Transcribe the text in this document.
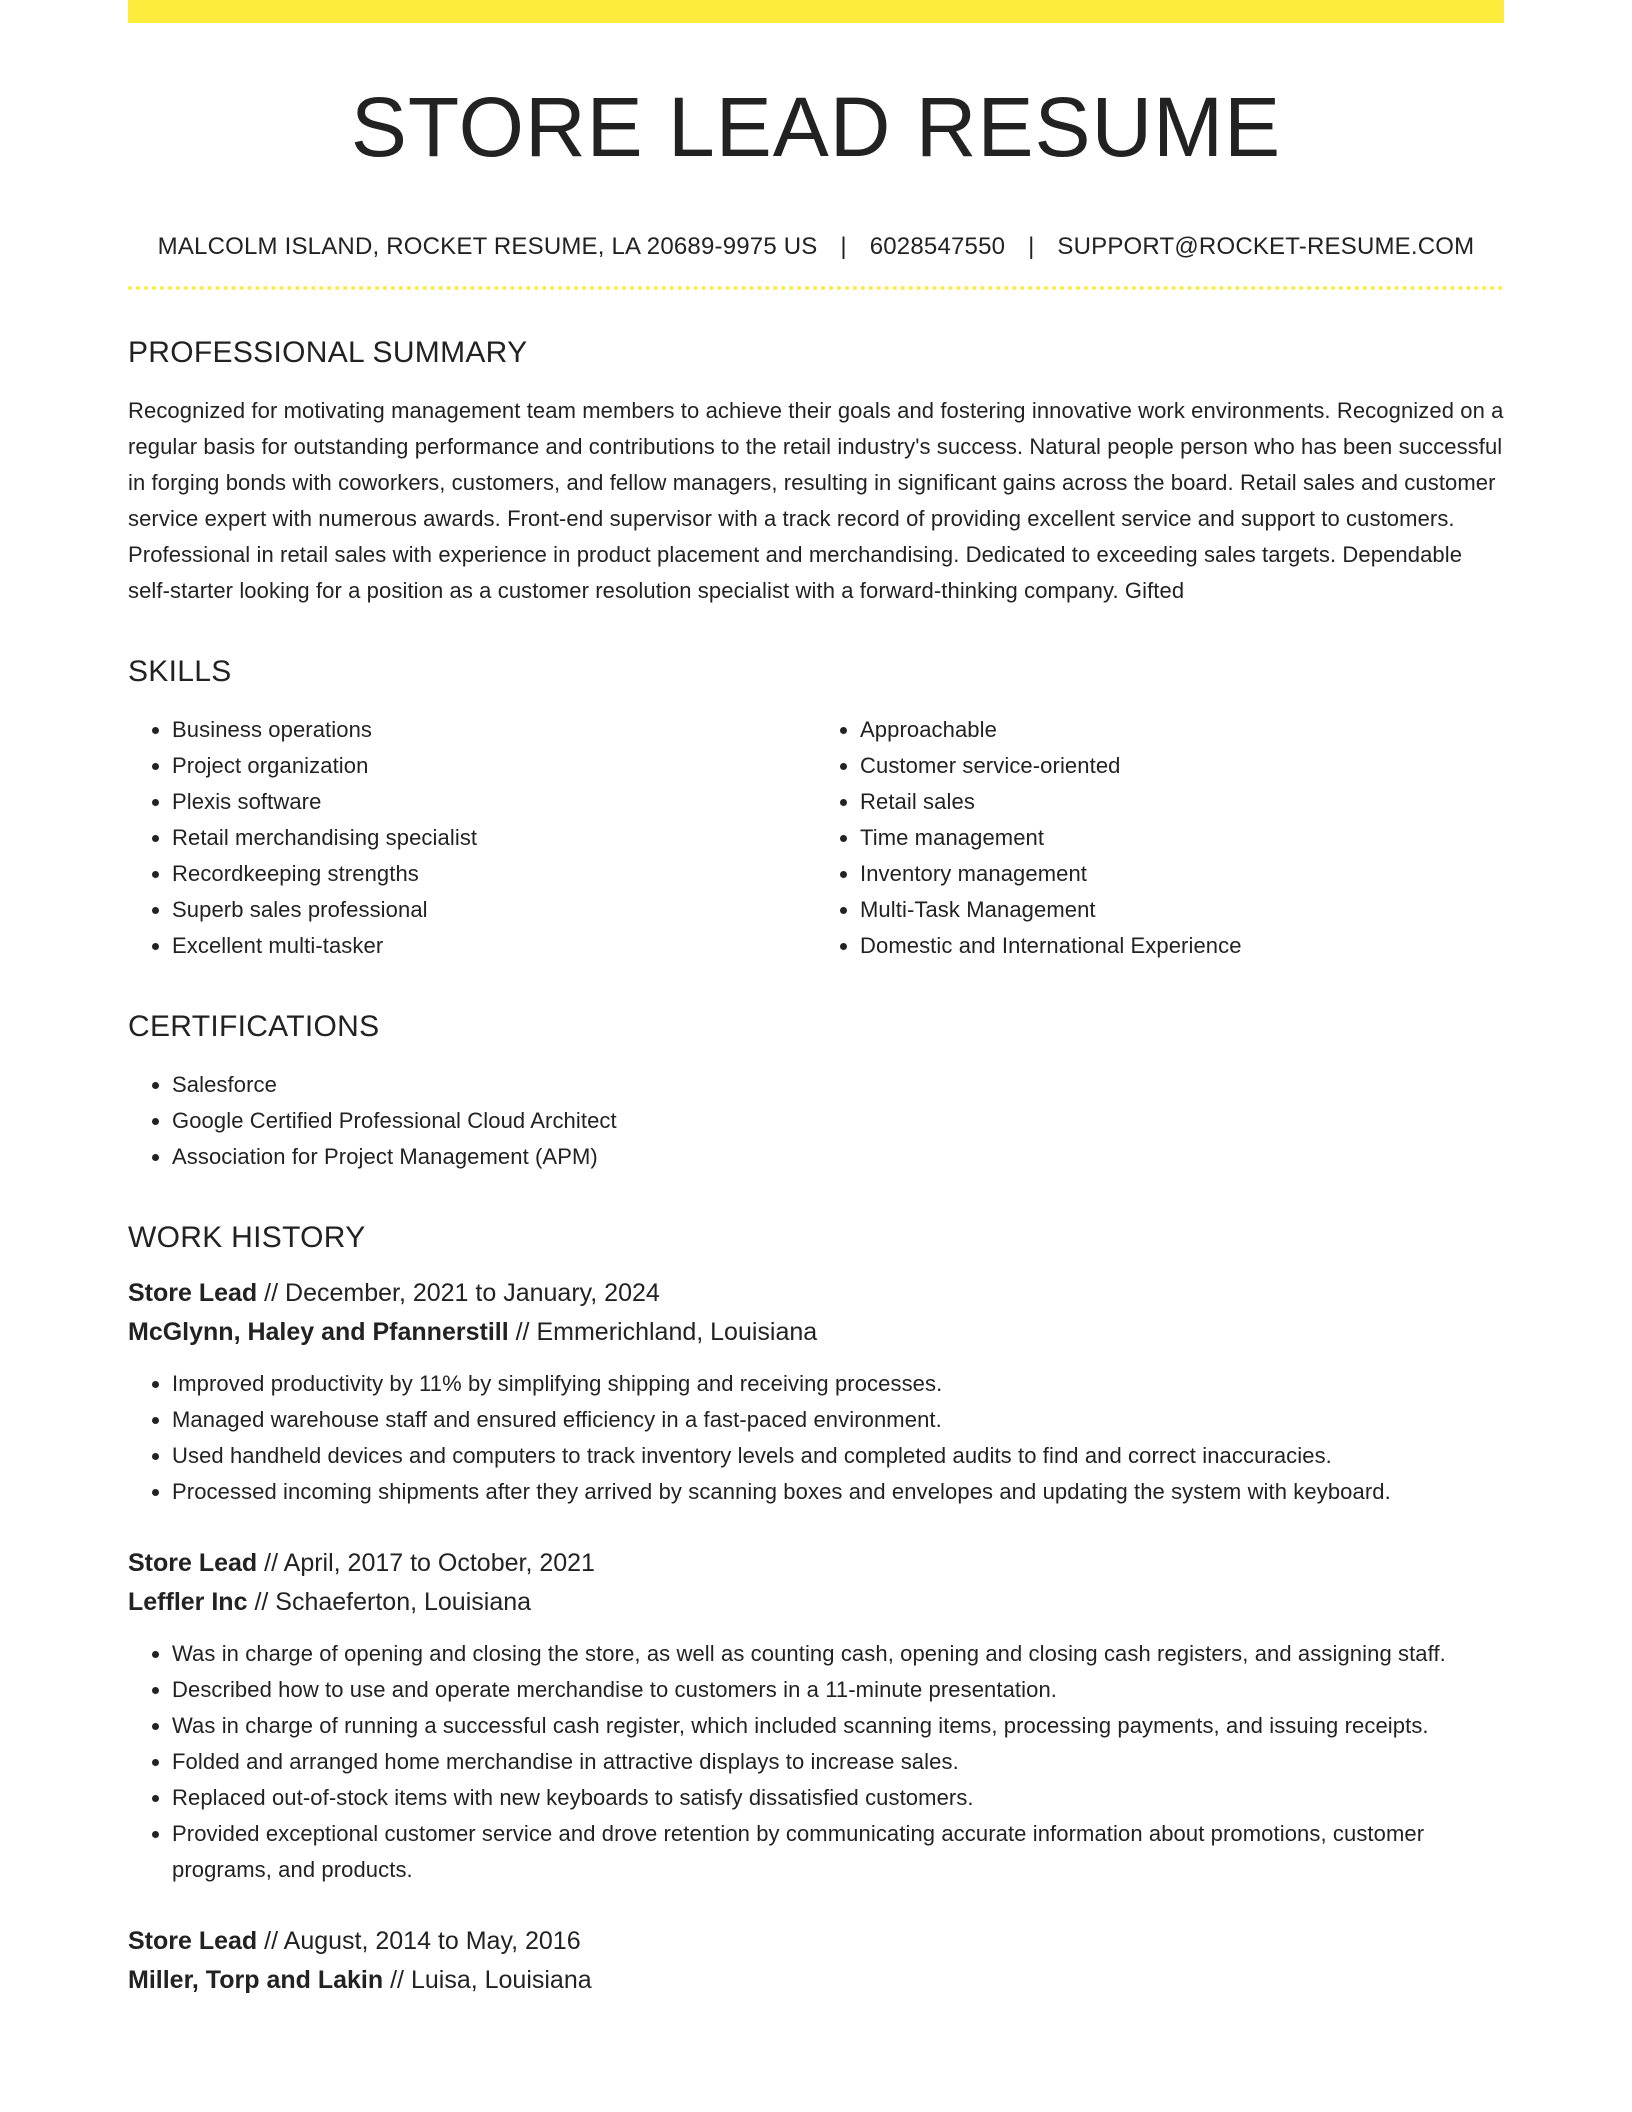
STORE LEAD RESUME
MALCOLM ISLAND, ROCKET RESUME, LA 20689-9975 US | 6028547550 | SUPPORT@ROCKET-RESUME.COM
PROFESSIONAL SUMMARY

Recognized for motivating management team members to achieve their goals and fostering innovative work environments. Recognized on a regular basis for outstanding performance and contributions to the retail industry's success. Natural people person who has been successful in forging bonds with coworkers, customers, and fellow managers, resulting in significant gains across the board. Retail sales and customer service expert with numerous awards. Front-end supervisor with a track record of providing excellent service and support to customers. Professional in retail sales with experience in product placement and merchandising. Dedicated to exceeding sales targets. Dependable self-starter looking for a position as a customer resolution specialist with a forward-thinking company. Gifted

SKILLS
• Business operations
• Project organization
• Plexis software
• Retail merchandising specialist
• Recordkeeping strengths
• Superb sales professional
• Excellent multi-tasker
• Approachable
• Customer service-oriented
• Retail sales
• Time management
• Inventory management
• Multi-Task Management
• Domestic and International Experience
CERTIFICATIONS
• Salesforce
• Google Certified Professional Cloud Architect
• Association for Project Management (APM)
WORK HISTORY
Store Lead // December, 2021 to January, 2024
McGlynn, Haley and Pfannerstill // Emmerichland, Louisiana
• Improved productivity by 11% by simplifying shipping and receiving processes.
• Managed warehouse staff and ensured efficiency in a fast-paced environment.
• Used handheld devices and computers to track inventory levels and completed audits to find and correct inaccuracies.
• Processed incoming shipments after they arrived by scanning boxes and envelopes and updating the system with keyboard.
Store Lead // April, 2017 to October, 2021
Leffler Inc // Schaeferton, Louisiana
• Was in charge of opening and closing the store, as well as counting cash, opening and closing cash registers, and assigning staff.
• Described how to use and operate merchandise to customers in a 11-minute presentation.
• Was in charge of running a successful cash register, which included scanning items, processing payments, and issuing receipts.
• Folded and arranged home merchandise in attractive displays to increase sales.
• Replaced out-of-stock items with new keyboards to satisfy dissatisfied customers.
• Provided exceptional customer service and drove retention by communicating accurate information about promotions, customer programs, and products.
Store Lead // August, 2014 to May, 2016
Miller, Torp and Lakin // Luisa, Louisiana
